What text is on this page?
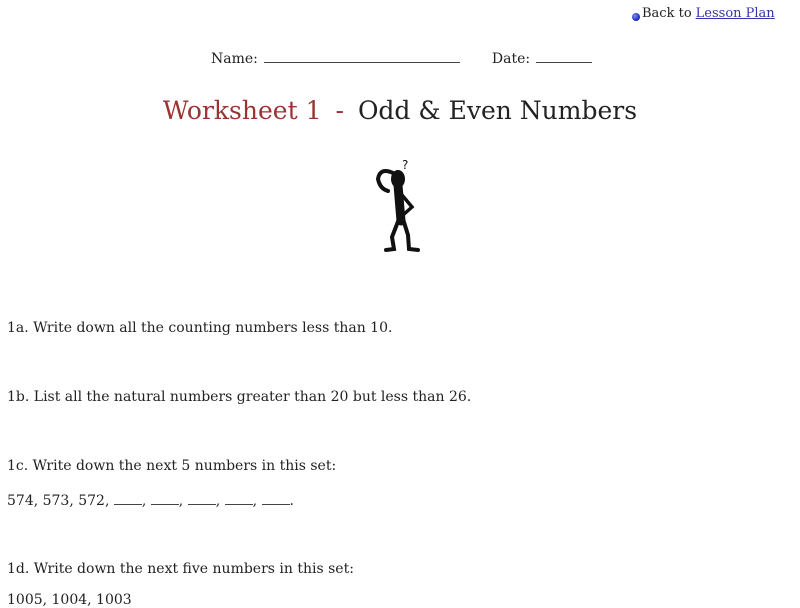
Back to Lesson Plan
Name:	Date:
Worksheet 1 - Odd & Even Numbers
?
1a. Write down all the counting numbers less than 10.
1b. List all the natural numbers greater than 20 but less than 26.
1c. Write down the next 5 numbers in this set:
574, 573, 572, , , , , .
1d. Write down the next five numbers in this set:
1005, 1004, 1003
